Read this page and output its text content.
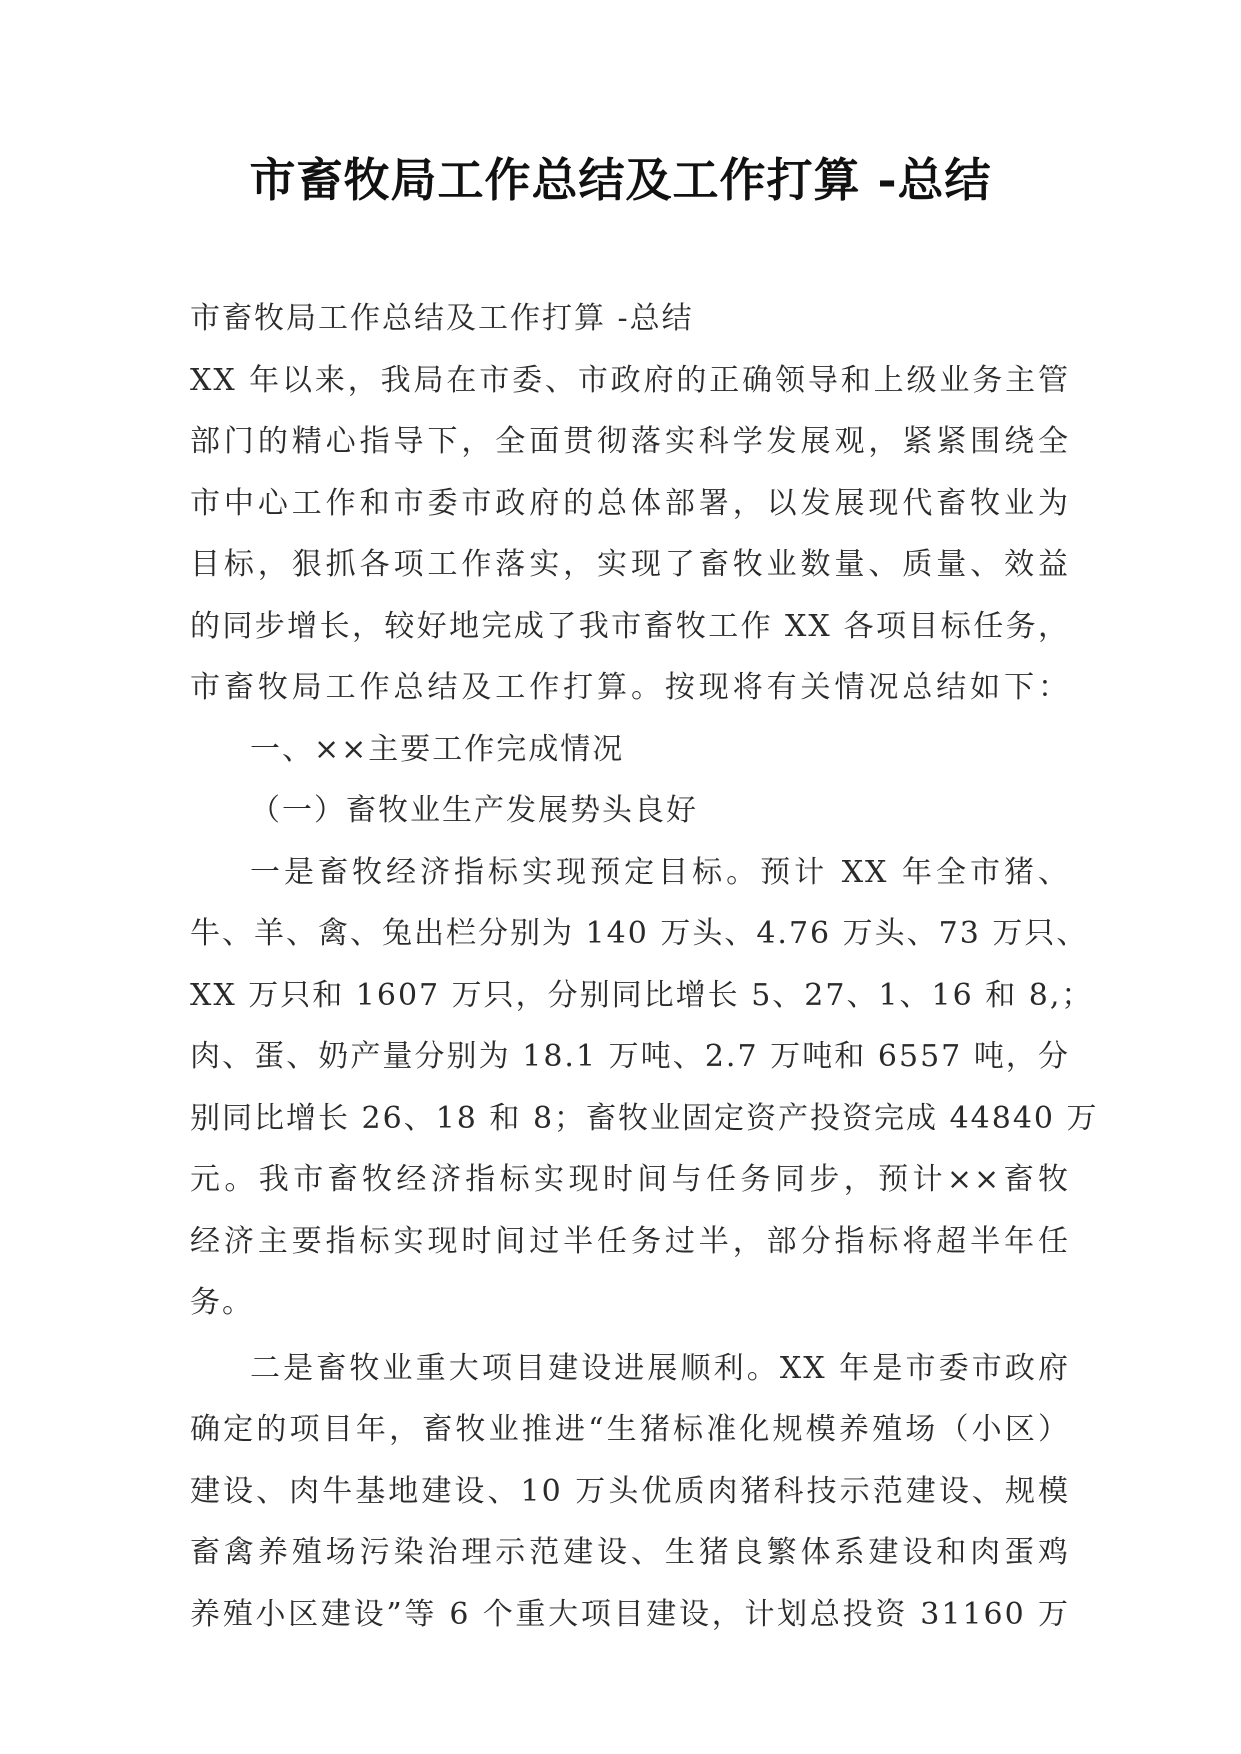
市畜牧局工作总结及工作打算 -总结
市畜牧局工作总结及工作打算 -总结
XX 年以来，我局在市委、市政府的正确领导和上级业务主管
部门的精心指导下，全面贯彻落实科学发展观，紧紧围绕全
市中心工作和市委市政府的总体部署，以发展现代畜牧业为
目标，狠抓各项工作落实，实现了畜牧业数量、质量、效益
的同步增长，较好地完成了我市畜牧工作 XX 各项目标任务，
市畜牧局工作总结及工作打算。按现将有关情况总结如下：
一、××主要工作完成情况
（一）畜牧业生产发展势头良好
一是畜牧经济指标实现预定目标。预计 XX 年全市猪、
牛、羊、禽、兔出栏分别为 140 万头、4.76 万头、73 万只、
XX 万只和 1607 万只，分别同比增长 5、27、1、16 和 8,；
肉、蛋、奶产量分别为 18.1 万吨、2.7 万吨和 6557 吨，分
别同比增长 26、18 和 8；畜牧业固定资产投资完成 44840 万
元。我市畜牧经济指标实现时间与任务同步，预计××畜牧
经济主要指标实现时间过半任务过半，部分指标将超半年任
务。
二是畜牧业重大项目建设进展顺利。XX 年是市委市政府
确定的项目年，畜牧业推进“生猪标准化规模养殖场（小区）
建设、肉牛基地建设、10 万头优质肉猪科技示范建设、规模
畜禽养殖场污染治理示范建设、生猪良繁体系建设和肉蛋鸡
养殖小区建设”等 6 个重大项目建设，计划总投资 31160 万
